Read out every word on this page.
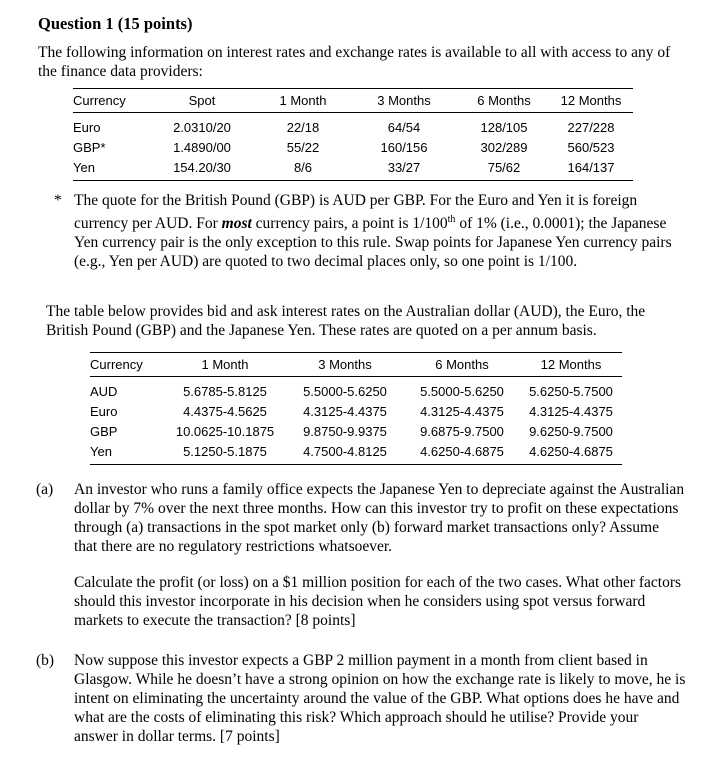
Question 1 (15 points)
The following information on interest rates and exchange rates is available to all with access to any of the finance data providers:
Currency	Spot	1 Month	3 Months	6 Months	12 Months
Euro	2.0310/20	22/18	64/54	128/105	227/228
GBP*	1.4890/00	55/22	160/156	302/289	560/523
Yen	154.20/30	8/6	33/27	75/62	164/137
* The quote for the British Pound (GBP) is AUD per GBP. For the Euro and Yen it is foreign currency per AUD. For most currency pairs, a point is 1/100th of 1% (i.e., 0.0001); the Japanese Yen currency pair is the only exception to this rule. Swap points for Japanese Yen currency pairs (e.g., Yen per AUD) are quoted to two decimal places only, so one point is 1/100.
The table below provides bid and ask interest rates on the Australian dollar (AUD), the Euro, the British Pound (GBP) and the Japanese Yen. These rates are quoted on a per annum basis.
Currency	1 Month	3 Months	6 Months	12 Months
AUD	5.6785-5.8125	5.5000-5.6250	5.5000-5.6250	5.6250-5.7500
Euro	4.4375-4.5625	4.3125-4.4375	4.3125-4.4375	4.3125-4.4375
GBP	10.0625-10.1875	9.8750-9.9375	9.6875-9.7500	9.6250-9.7500
Yen	5.1250-5.1875	4.7500-4.8125	4.6250-4.6875	4.6250-4.6875
(a) An investor who runs a family office expects the Japanese Yen to depreciate against the Australian dollar by 7% over the next three months. How can this investor try to profit on these expectations through (a) transactions in the spot market only (b) forward market transactions only? Assume that there are no regulatory restrictions whatsoever.

Calculate the profit (or loss) on a $1 million position for each of the two cases. What other factors should this investor incorporate in his decision when he considers using spot versus forward markets to execute the transaction? [8 points]

(b) Now suppose this investor expects a GBP 2 million payment in a month from client based in Glasgow. While he doesn’t have a strong opinion on how the exchange rate is likely to move, he is intent on eliminating the uncertainty around the value of the GBP. What options does he have and what are the costs of eliminating this risk? Which approach should he utilise? Provide your answer in dollar terms. [7 points]
